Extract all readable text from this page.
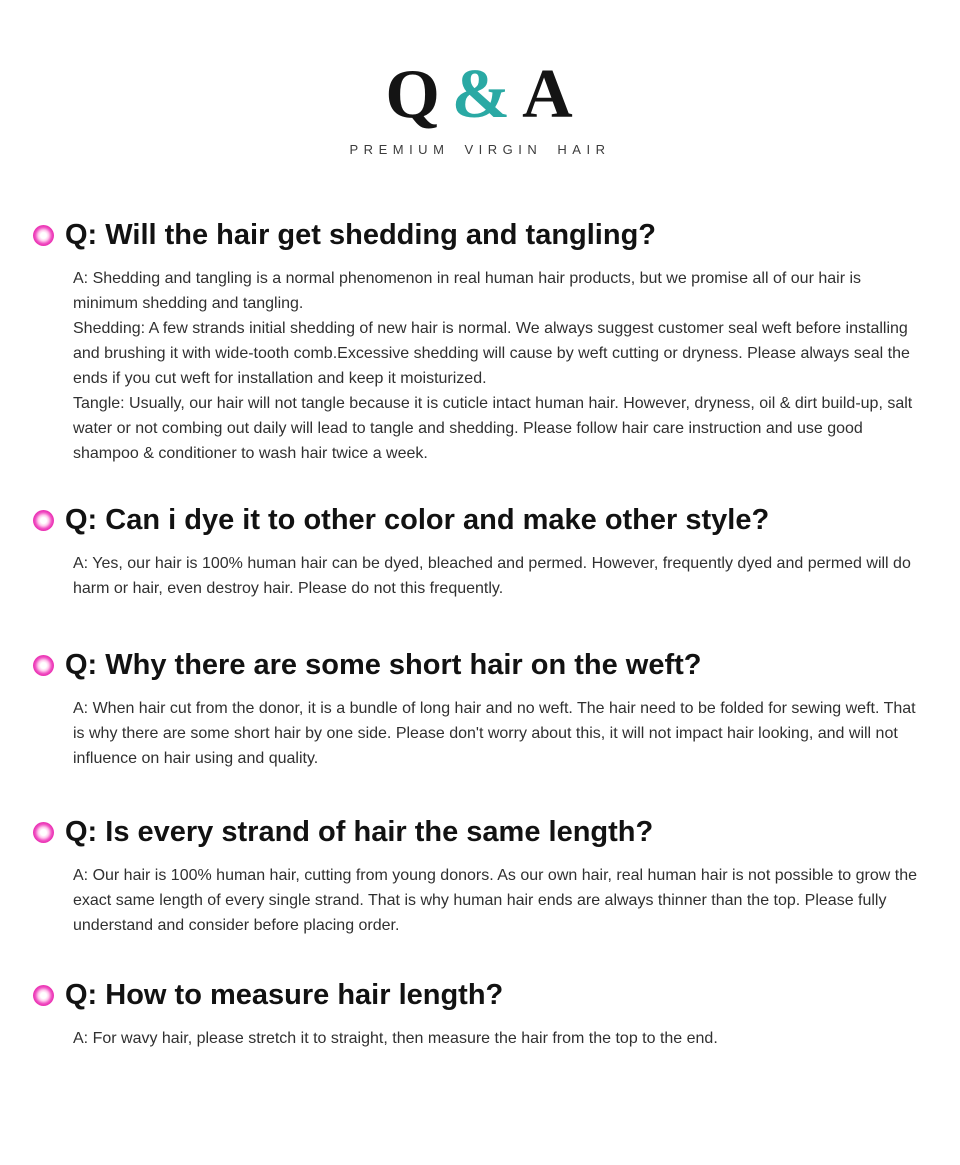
Q & A
PREMIUM VIRGIN HAIR
Q: Will the hair get shedding and tangling?

A: Shedding and tangling is a normal phenomenon in real human hair products, but we promise all of our hair is minimum shedding and tangling.

Shedding: A few strands initial shedding of new hair is normal. We always suggest customer seal weft before installing and brushing it with wide-tooth comb.Excessive shedding will cause by weft cutting or dryness. Please always seal the ends if you cut weft for installation and keep it moisturized.

Tangle: Usually, our hair will not tangle because it is cuticle intact human hair. However, dryness, oil & dirt build-up, salt water or not combing out daily will lead to tangle and shedding. Please follow hair care instruction and use good shampoo & conditioner to wash hair twice a week.

Q: Can i dye it to other color and make other style?

A: Yes, our hair is 100% human hair can be dyed, bleached and permed. However, frequently dyed and permed will do harm or hair, even destroy hair. Please do not this frequently.

Q: Why there are some short hair on the weft?

A: When hair cut from the donor, it is a bundle of long hair and no weft. The hair need to be folded for sewing weft. That is why there are some short hair by one side. Please don't worry about this, it will not impact hair looking, and will not influence on hair using and quality.

Q: Is every strand of hair the same length?

A: Our hair is 100% human hair, cutting from young donors. As our own hair, real human hair is not possible to grow the exact same length of every single strand. That is why human hair ends are always thinner than the top. Please fully understand and consider before placing order.

Q: How to measure hair length?

A: For wavy hair, please stretch it to straight, then measure the hair from the top to the end.
